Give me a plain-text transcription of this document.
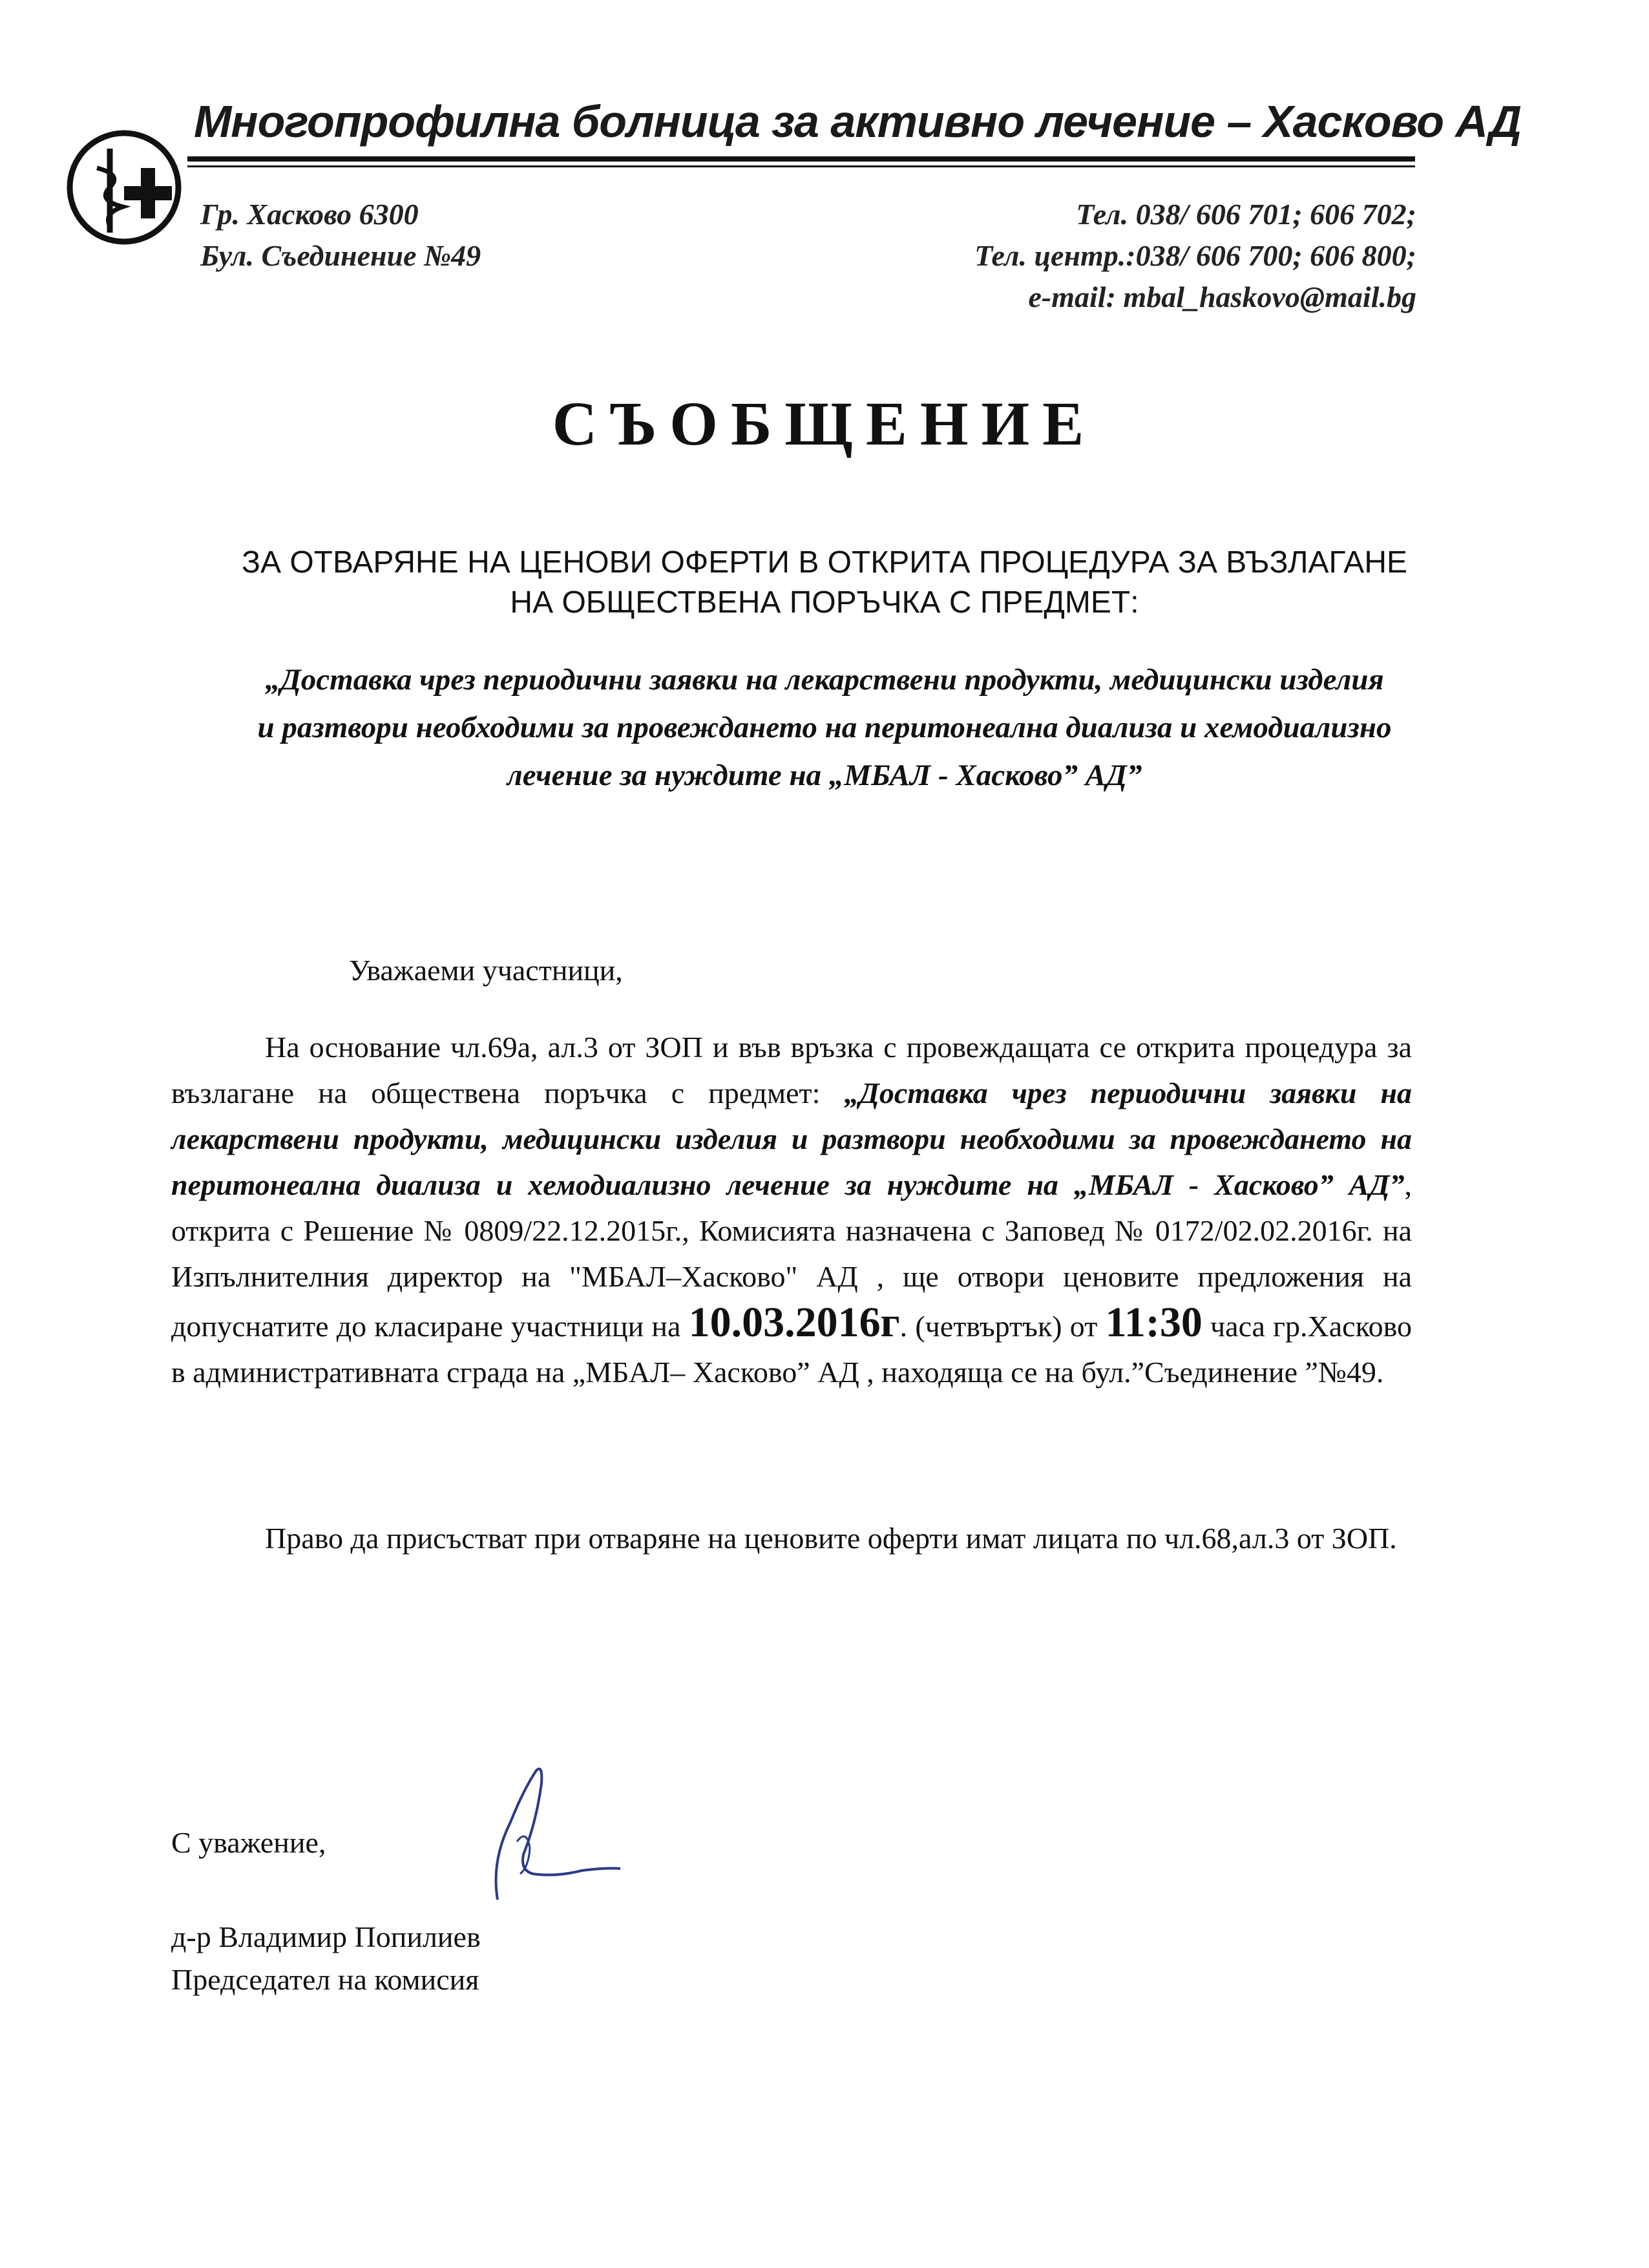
Многопрофилна болница за активно лечение – Хасково АД
Гр. Хасково 6300
Бул. Съединение №49
Тел. 038/ 606 701; 606 702;
Тел. центр.:038/ 606 700; 606 800;
e-mail: mbal_haskovo@mail.bg
СЪОБЩЕНИЕ
ЗА ОТВАРЯНЕ НА ЦЕНОВИ ОФЕРТИ В ОТКРИТА ПРОЦЕДУРА ЗА ВЪЗЛАГАНЕ
НА ОБЩЕСТВЕНА ПОРЪЧКА С ПРЕДМЕТ:
„Доставка чрез периодични заявки на лекарствени продукти, медицински изделия
и разтвори необходими за провеждането на перитонеална диализа и хемодиализно
лечение за нуждите на „МБАЛ - Хасково” АД”
Уважаеми участници,
На основание чл.69а, ал.3 от ЗОП и във връзка с провеждащата се открита процедура за възлагане на обществена поръчка с предмет: „Доставка чрез периодични заявки на лекарствени продукти, медицински изделия и разтвори необходими за провеждането на перитонеална диализа и хемодиализно лечение за нуждите на „МБАЛ - Хасково” АД”, открита с Решение № 0809/22.12.2015г., Комисията назначена с Заповед № 0172/02.02.2016г. на Изпълнителния директор на "МБАЛ–Хасково" АД , ще отвори ценовите предложения на допуснатите до класиране участници на 10.03.2016г. (четвъртък) от 11:30 часа гр.Хасково в административната сграда на „МБАЛ– Хасково” АД , находяща се на бул.”Съединение ”№49.
Право да присъстват при отваряне на ценовите оферти имат лицата по чл.68,ал.3 от ЗОП.
С уважение,
д-р Владимир Попилиев
Председател на комисия
